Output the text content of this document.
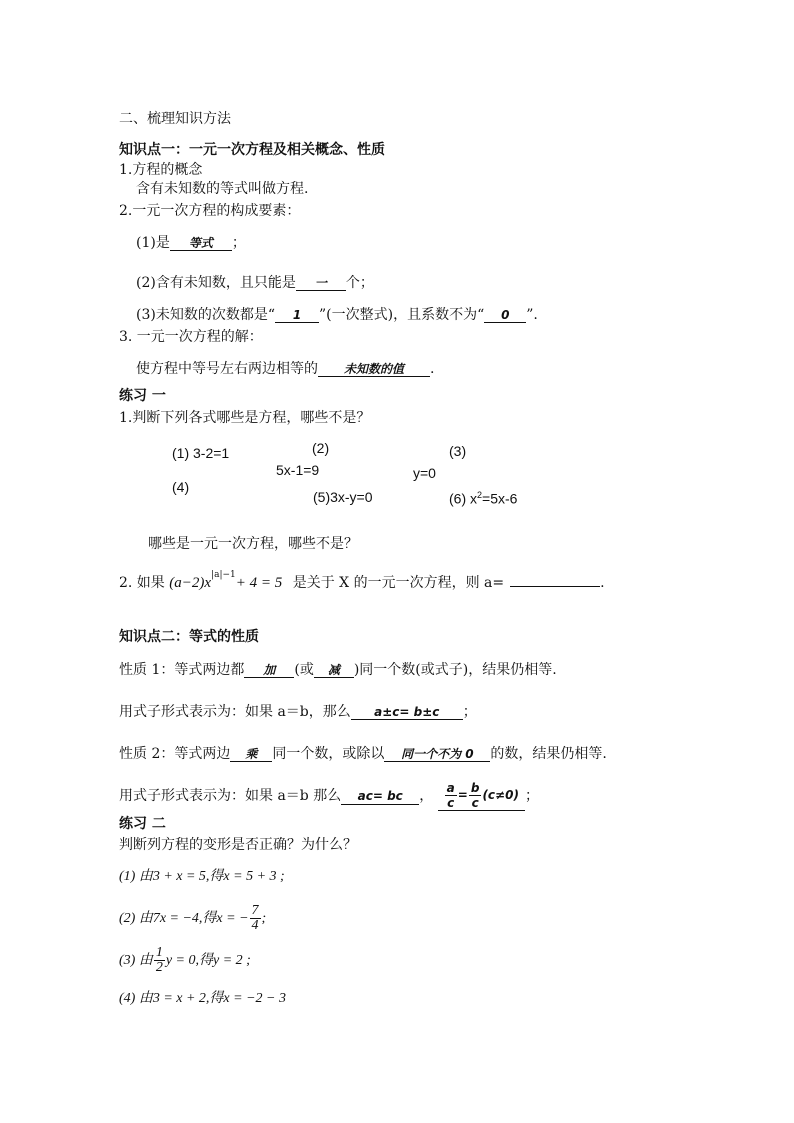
二、梳理知识方法
知识点一：一元一次方程及相关概念、性质
1.方程的概念
含有未知数的等式叫做方程.
2.一元一次方程的构成要素：
(1)是 等式 ；
(2)含有未知数，且只能是 一 个；
(3)未知数的次数都是“ 1 ”(一次整式)，且系数不为“ 0 ”.
3. 一元一次方程的解：
使方程中等号左右两边相等的 未知数的值 .
练习 一
1.判断下列各式哪些是方程，哪些不是？
(1) 3-2=1	(2)
5x-1=9
(3)
y=0
(4)
(5)3x-y=0	(6) $x^2=5x-6$
哪些是一元一次方程，哪些不是？
2. 如果 $(a-2)x^{|a|-1}+ 4 = 5$ 是关于 X 的一元一次方程，则 a=	.
知识点二：等式的性质
性质 1：等式两边都 加 (或 减 )同一个数(或式子)，结果仍相等.
用式子形式表示为：如果 a＝b，那么 a±c= b±c ；
性质 2：等式两边 乘 同一个数，或除以 同一个不为 0 的数，结果仍相等.
用式子形式表示为：如果 a＝b 那么 ac= bc ， $\frac{a}{c} = \frac{b}{c} (c\ne 0)$ ；
练习 二
判断列方程的变形是否正确？为什么？
(1) 由3 + x = 5,得x = 5 + 3 ;
(2) 由7x = −4,得x = − $\frac{7}{4}$ ;
(3) 由 $\frac{1}{2}$ y = 0,得y = 2 ;
(4) 由3 = x + 2,得x = −2 − 3
